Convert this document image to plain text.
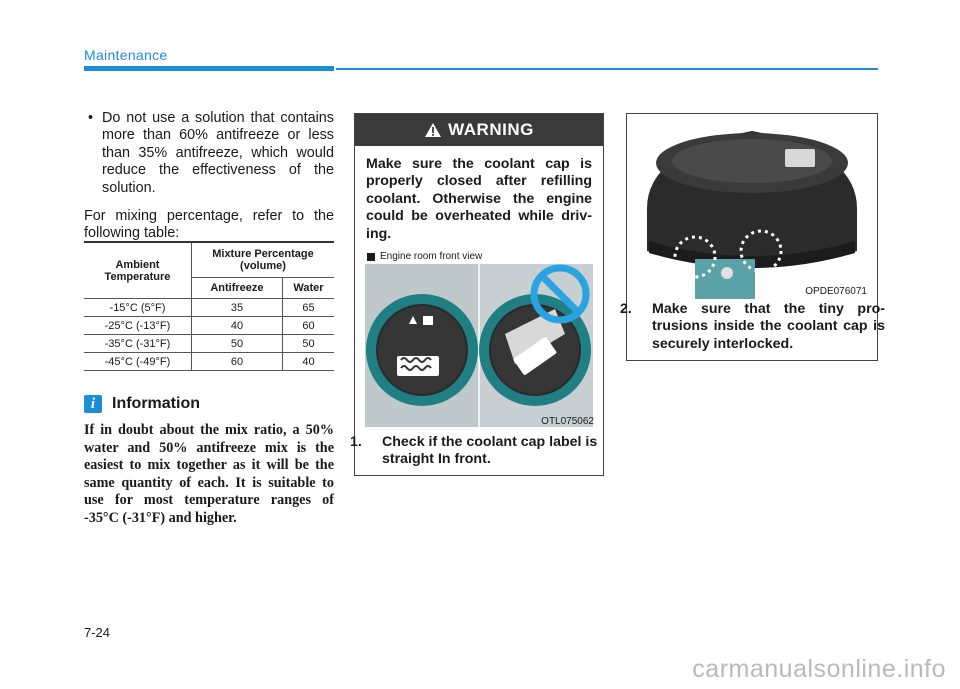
Maintenance
• Do not use a solution that contains more than 60% antifreeze or less than 35% antifreeze, which would reduce the effectiveness of the solution.
For mixing percentage, refer to the following table:
Ambient Temperature	Mixture Percentage (volume)	
	Antifreeze	Water
-15°C (5°F)	35	65
-25°C (-13°F)	40	60
-35°C (-31°F)	50	50
-45°C (-49°F)	60	40
i	Information
If in doubt about the mix ratio, a 50% water and 50% antifreeze mix is the easiest to mix together as it will be the same quantity of each. It is suitable to use for most temperature ranges of -35°C (-31°F) and higher.
WARNING
Make sure the coolant cap is properly closed after refilling coolant. Otherwise the engine could be overheated while driv-ing.
Engine room front view
OTL075062
1. Check if the coolant cap label is straight In front.
OPDE076071
2. Make sure that the tiny pro-trusions inside the coolant cap is securely interlocked.
7-24
carmanualsonline.info
